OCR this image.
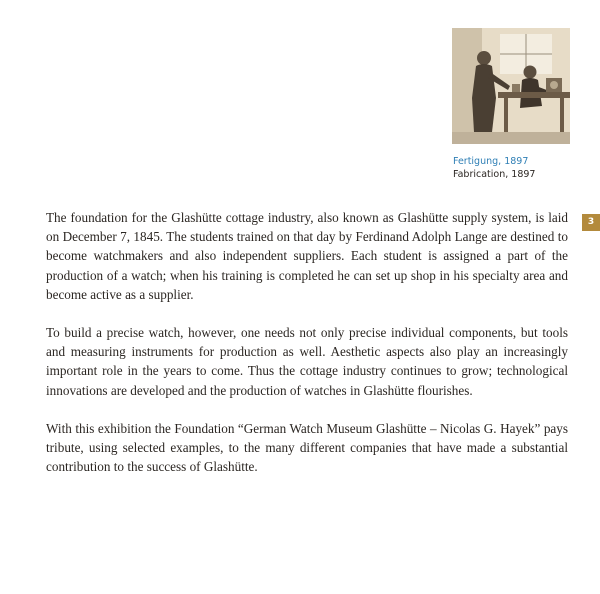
Fertigung, 1897
Fabrication, 1897
3

The foundation for the Glashütte cottage industry, also known as Glashütte supply system, is laid on December 7, 1845. The students trained on that day by Ferdinand Adolph Lange are destined to become watchmakers and also independent suppliers. Each student is assigned a part of the production of a watch; when his training is completed he can set up shop in his specialty area and become active as a supplier.

To build a precise watch, however, one needs not only precise individual components, but tools and measuring instruments for production as well. Aesthetic aspects also play an increasingly important role in the years to come. Thus the cottage industry continues to grow; technological innovations are developed and the production of watches in Glashütte flourishes.

With this exhibition the Foundation “German Watch Museum Glashütte – Nicolas G. Hayek” pays tribute, using selected examples, to the many different companies that have made a substantial contribution to the success of Glashütte.
